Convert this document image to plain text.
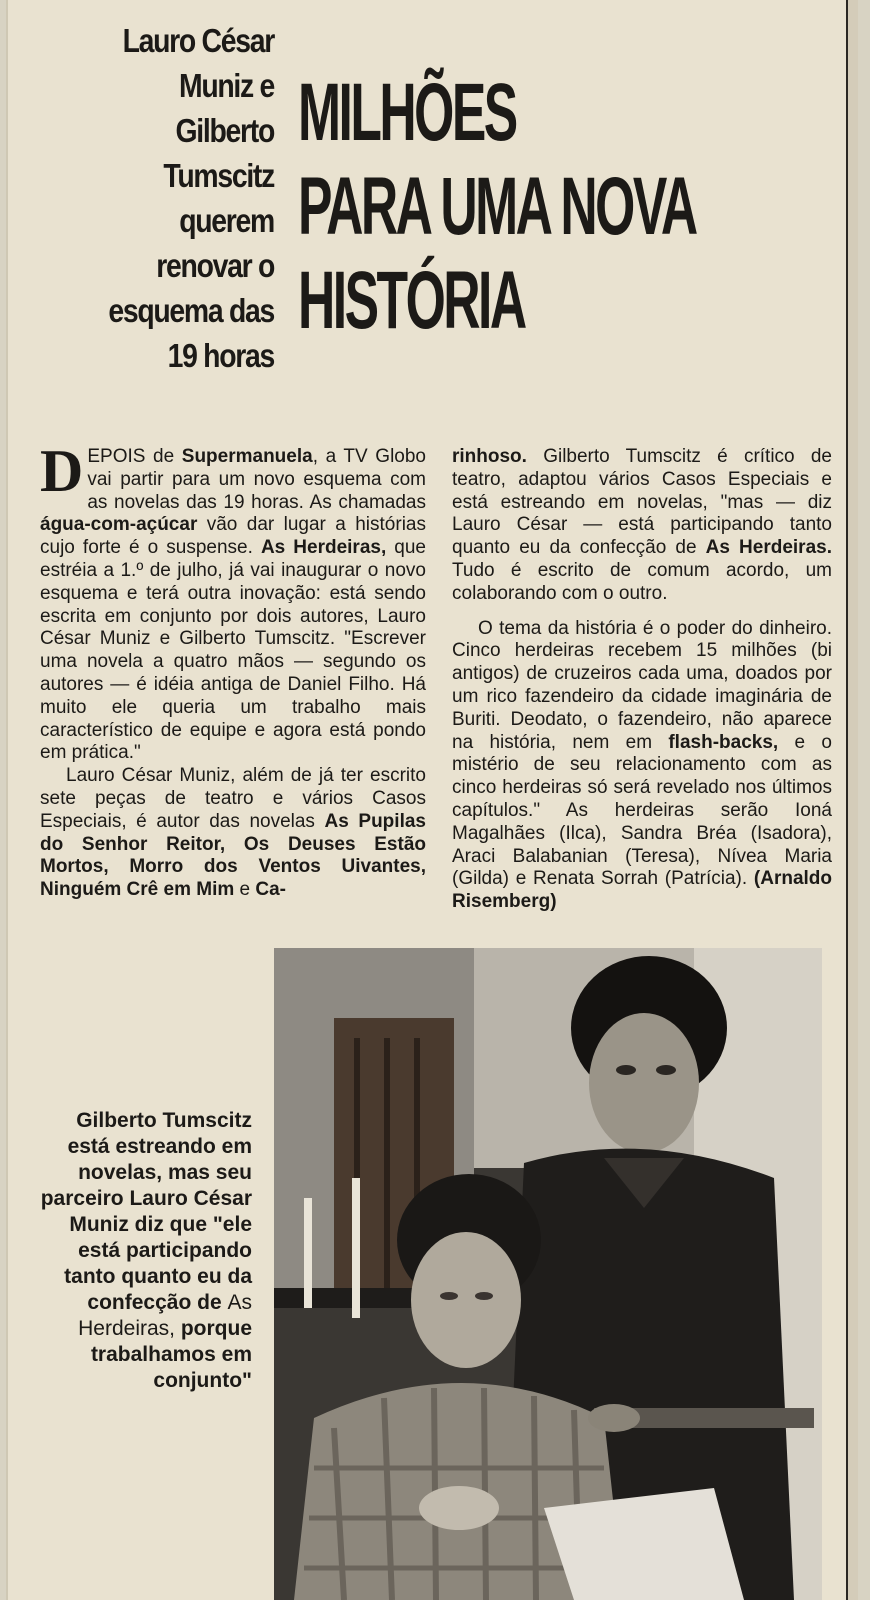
Lauro César
Muniz e
Gilberto
Tumscitz
querem
renovar o
esquema das
19 horas
MILHÕES
PARA UMA NOVA
HISTÓRIA

DEPOIS de Supermanuela, a TV Globo vai partir para um novo esquema com as novelas das 19 horas. As chamadas água-com-açúcar vão dar lugar a histórias cujo forte é o suspense. As Herdeiras, que estréia a 1.º de julho, já vai inaugurar o novo esquema e terá outra inovação: está sendo escrita em conjunto por dois autores, Lauro César Muniz e Gilberto Tumscitz. "Escrever uma novela a quatro mãos — segundo os autores — é idéia antiga de Daniel Filho. Há muito ele queria um trabalho mais característico de equipe e agora está pondo em prática."

Lauro César Muniz, além de já ter escrito sete peças de teatro e vários Casos Especiais, é autor das novelas As Pupilas do Senhor Reitor, Os Deuses Estão Mortos, Morro dos Ventos Uivantes, Ninguém Crê em Mim e Ca-

rinhoso. Gilberto Tumscitz é crítico de teatro, adaptou vários Casos Especiais e está estreando em novelas, "mas — diz Lauro César — está participando tanto quanto eu da confecção de As Herdeiras. Tudo é escrito de comum acordo, um colaborando com o outro.

O tema da história é o poder do dinheiro. Cinco herdeiras recebem 15 milhões (bi antigos) de cruzeiros cada uma, doados por um rico fazendeiro da cidade imaginária de Buriti. Deodato, o fazendeiro, não aparece na história, nem em flash-backs, e o mistério de seu relacionamento com as cinco herdeiras só será revelado nos últimos capítulos." As herdeiras serão Ioná Magalhães (Ilca), Sandra Bréa (Isadora), Araci Balabanian (Teresa), Nívea Maria (Gilda) e Renata Sorrah (Patrícia). (Arnaldo Risemberg)

Gilberto Tumscitz está estreando em novelas, mas seu parceiro Lauro César Muniz diz que "ele está participando tanto quanto eu da confecção de As Herdeiras, porque trabalhamos em conjunto"
